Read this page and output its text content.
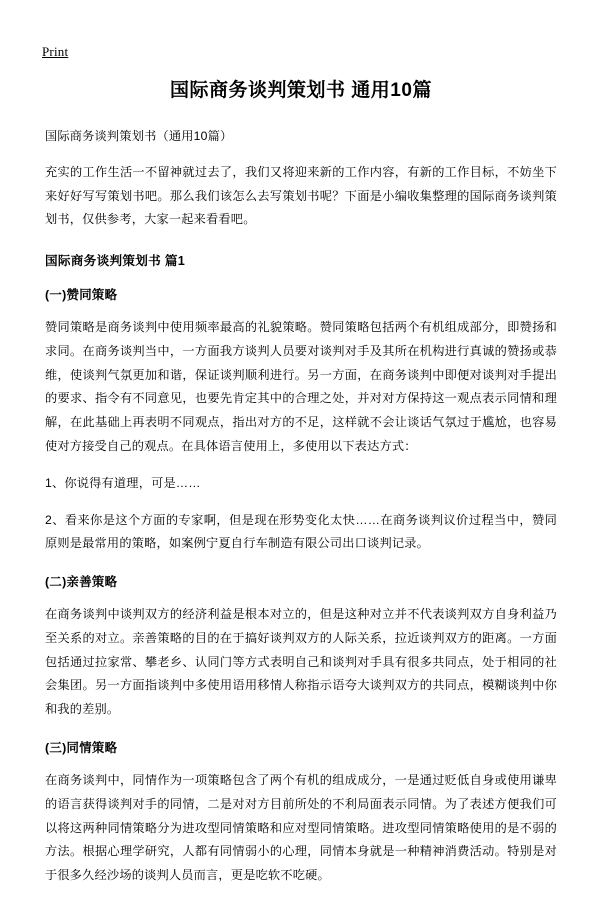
Print
国际商务谈判策划书 通用10篇

国际商务谈判策划书（通用10篇）

充实的工作生活一不留神就过去了，我们又将迎来新的工作内容，有新的工作目标，不妨坐下来好好写写策划书吧。那么我们该怎么去写策划书呢？下面是小编收集整理的国际商务谈判策划书，仅供参考，大家一起来看看吧。

国际商务谈判策划书 篇1
(一)赞同策略

赞同策略是商务谈判中使用频率最高的礼貌策略。赞同策略包括两个有机组成部分，即赞扬和求同。在商务谈判当中，一方面我方谈判人员要对谈判对手及其所在机构进行真诚的赞扬或恭维，使谈判气氛更加和谐，保证谈判顺利进行。另一方面，在商务谈判中即便对谈判对手提出的要求、指令有不同意见，也要先肯定其中的合理之处，并对对方保持这一观点表示同情和理解，在此基础上再表明不同观点，指出对方的不足，这样就不会让谈话气氛过于尴尬，也容易使对方接受自己的观点。在具体语言使用上，多使用以下表达方式：

1、你说得有道理，可是……

2、看来你是这个方面的专家啊，但是现在形势变化太快……在商务谈判议价过程当中，赞同原则是最常用的策略，如案例宁夏自行车制造有限公司出口谈判记录。

(二)亲善策略

在商务谈判中谈判双方的经济利益是根本对立的，但是这种对立并不代表谈判双方自身利益乃至关系的对立。亲善策略的目的在于搞好谈判双方的人际关系，拉近谈判双方的距离。一方面包括通过拉家常、攀老乡、认同门等方式表明自己和谈判对手具有很多共同点，处于相同的社会集团。另一方面指谈判中多使用语用移情人称指示语夸大谈判双方的共同点，模糊谈判中你和我的差别。

(三)同情策略

在商务谈判中，同情作为一项策略包含了两个有机的组成成分，一是通过贬低自身或使用谦卑的语言获得谈判对手的同情，二是对对方目前所处的不利局面表示同情。为了表述方便我们可以将这两种同情策略分为进攻型同情策略和应对型同情策略。进攻型同情策略使用的是不弱的方法。根据心理学研究，人都有同情弱小的心理，同情本身就是一种精神消费活动。特别是对于很多久经沙场的谈判人员而言，更是吃软不吃硬。
